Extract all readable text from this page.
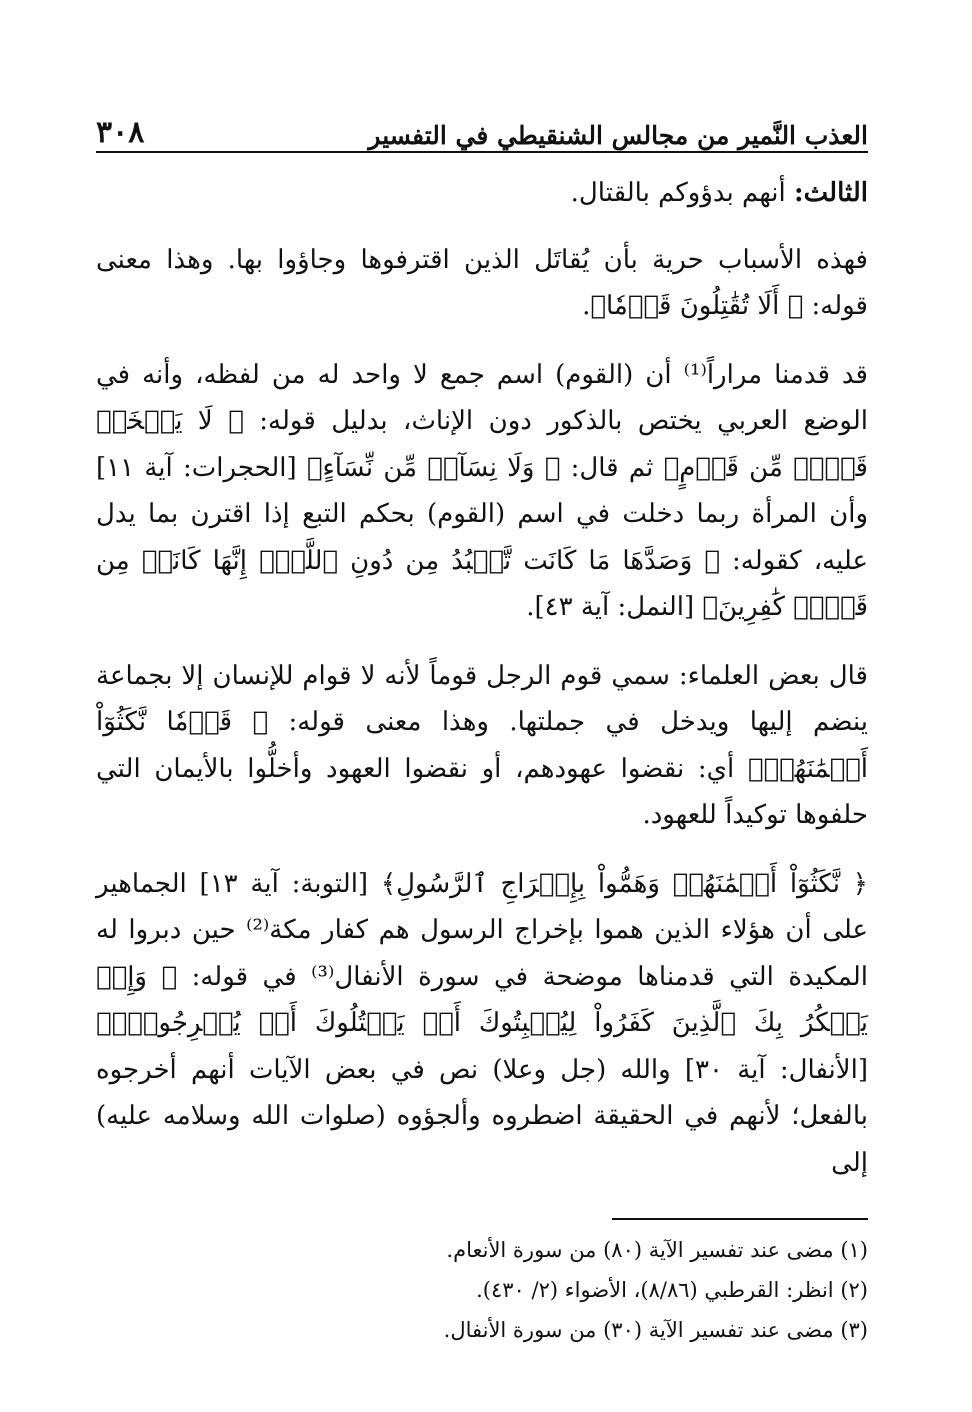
٣٠٨	العذب النَّمير من مجالس الشنقيطي في التفسير

الثالث: أنهم بدؤوكم بالقتال.

فهذه الأسباب حرية بأن يُقاتَل الذين اقترفوها وجاؤوا بها. وهذا معنى قوله: ﴿ أَلَا تُقَٰتِلُونَ قَوۡمٗا﴾.

قد قدمنا مراراً⁽¹⁾ أن (القوم) اسم جمع لا واحد له من لفظه، وأنه في الوضع العربي يختص بالذكور دون الإناث، بدليل قوله: ﴿ لَا يَسۡخَرۡ قَوۡمٞ مِّن قَوۡمٍ﴾ ثم قال: ﴿ وَلَا نِسَآءٞ مِّن نِّسَآءٍ﴾ [الحجرات: آية ١١] وأن المرأة ربما دخلت في اسم (القوم) بحكم التبع إذا اقترن بما يدل عليه، كقوله: ﴿ وَصَدَّهَا مَا كَانَت تَّعۡبُدُ مِن دُونِ ٱللَّهِۖ إِنَّهَا كَانَتۡ مِن قَوۡمٖ كَٰفِرِينَ﴾ [النمل: آية ٤٣].

قال بعض العلماء: سمي قوم الرجل قوماً لأنه لا قوام للإنسان إلا بجماعة ينضم إليها ويدخل في جملتها. وهذا معنى قوله: ﴿ قَوۡمٗا نَّكَثُوٓاْ أَيۡمَٰنَهُمۡ﴾ أي: نقضوا عهودهم، أو نقضوا العهود وأخلُّوا بالأيمان التي حلفوها توكيداً للعهود.

﴿ نَّكَثُوٓاْ أَيۡمَٰنَهُمۡ وَهَمُّواْ بِإِخۡرَاجِ ٱلرَّسُولِ﴾ [التوبة: آية ١٣] الجماهير على أن هؤلاء الذين هموا بإخراج الرسول هم كفار مكة⁽²⁾ حين دبروا له المكيدة التي قدمناها موضحة في سورة الأنفال⁽³⁾ في قوله: ﴿ وَإِذۡ يَمۡكُرُ بِكَ ٱلَّذِينَ كَفَرُواْ لِيُثۡبِتُوكَ أَوۡ يَقۡتُلُوكَ أَوۡ يُخۡرِجُوكَۚ﴾ [الأنفال: آية ٣٠] والله (جل وعلا) نص في بعض الآيات أنهم أخرجوه بالفعل؛ لأنهم في الحقيقة اضطروه وألجؤوه (صلوات الله وسلامه عليه) إلى

(١) مضى عند تفسير الآية (٨٠) من سورة الأنعام.
(٢) انظر: القرطبي (٨/٨٦)، الأضواء (٢/ ٤٣٠).
(٣) مضى عند تفسير الآية (٣٠) من سورة الأنفال.
